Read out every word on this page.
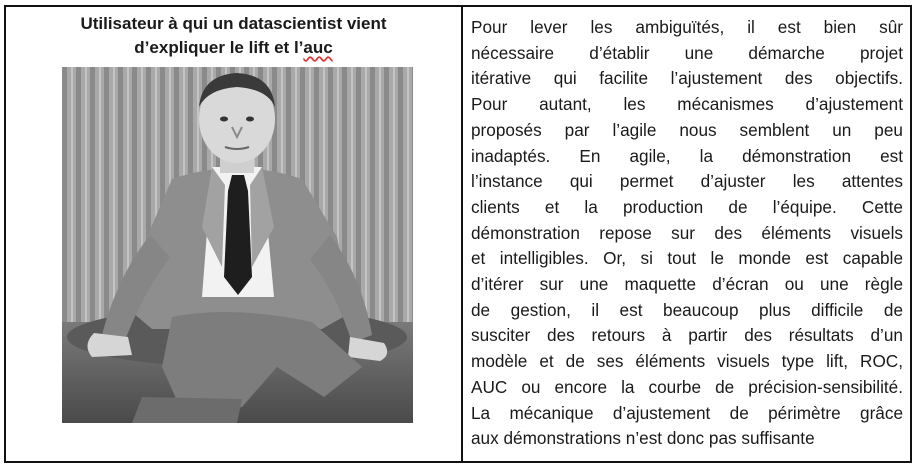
Utilisateur à qui un datascientist vient
d’expliquer le lift et l’auc

Pour lever les ambiguïtés, il est bien sûr
nécessaire d’établir une démarche projet
itérative qui facilite l’ajustement des objectifs.
Pour autant, les mécanismes d’ajustement
proposés par l’agile nous semblent un peu
inadaptés. En agile, la démonstration est
l’instance qui permet d’ajuster les attentes
clients et la production de l’équipe. Cette
démonstration repose sur des éléments visuels
et intelligibles. Or, si tout le monde est capable
d’itérer sur une maquette d’écran ou une règle
de gestion, il est beaucoup plus difficile de
susciter des retours à partir des résultats d’un
modèle et de ses éléments visuels type lift, ROC,
AUC ou encore la courbe de précision-sensibilité.
La mécanique d’ajustement de périmètre grâce
aux démonstrations n’est donc pas suffisante
